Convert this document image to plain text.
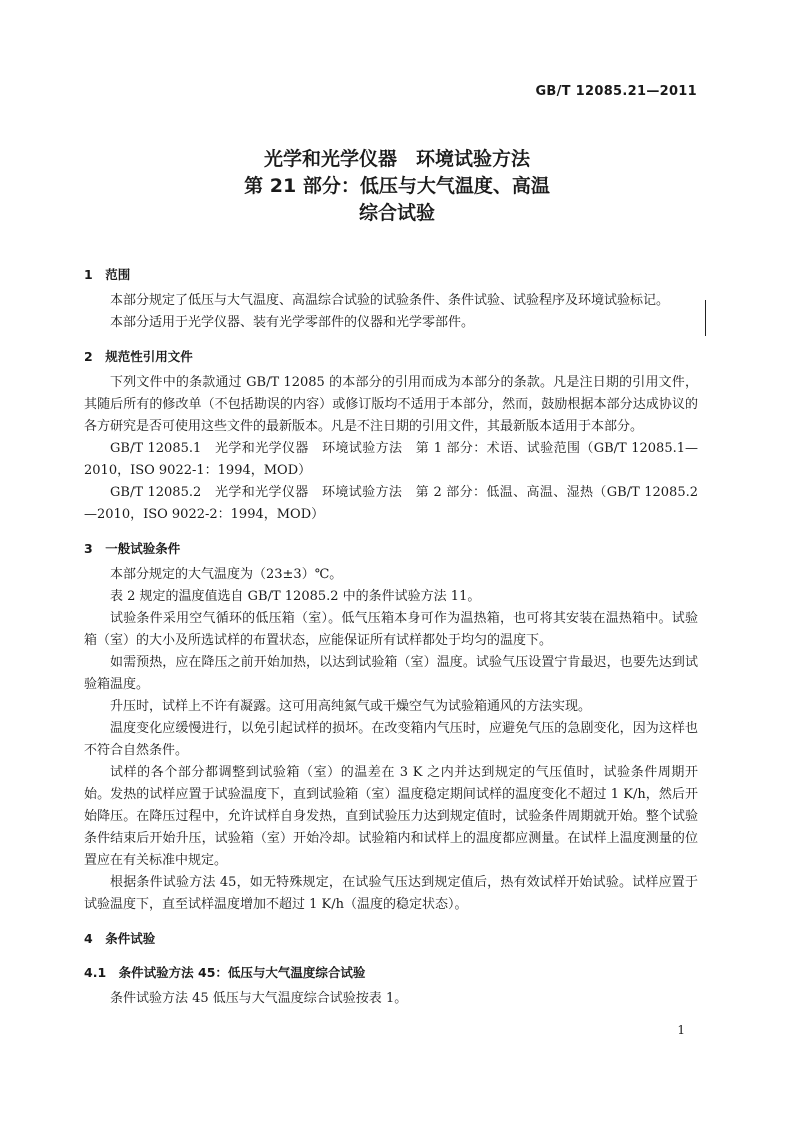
GB/T 12085.21—2011
光学和光学仪器　环境试验方法
第 21 部分：低压与大气温度、高温
综合试验
1　范围

本部分规定了低压与大气温度、高温综合试验的试验条件、条件试验、试验程序及环境试验标记。

本部分适用于光学仪器、装有光学零部件的仪器和光学零部件。

2　规范性引用文件

下列文件中的条款通过 GB/T 12085 的本部分的引用而成为本部分的条款。凡是注日期的引用文件，其随后所有的修改单（不包括勘误的内容）或修订版均不适用于本部分，然而，鼓励根据本部分达成协议的各方研究是否可使用这些文件的最新版本。凡是不注日期的引用文件，其最新版本适用于本部分。

GB/T 12085.1　光学和光学仪器　环境试验方法　第 1 部分：术语、试验范围（GB/T 12085.1—2010，ISO 9022-1：1994，MOD）

GB/T 12085.2　光学和光学仪器　环境试验方法　第 2 部分：低温、高温、湿热（GB/T 12085.2—2010，ISO 9022-2：1994，MOD）

3　一般试验条件

本部分规定的大气温度为（23±3）℃。

表 2 规定的温度值选自 GB/T 12085.2 中的条件试验方法 11。

试验条件采用空气循环的低压箱（室）。低气压箱本身可作为温热箱，也可将其安装在温热箱中。试验箱（室）的大小及所选试样的布置状态，应能保证所有试样都处于均匀的温度下。

如需预热，应在降压之前开始加热，以达到试验箱（室）温度。试验气压设置宁肯最迟，也要先达到试验箱温度。

升压时，试样上不许有凝露。这可用高纯氮气或干燥空气为试验箱通风的方法实现。

温度变化应缓慢进行，以免引起试样的损坏。在改变箱内气压时，应避免气压的急剧变化，因为这样也不符合自然条件。

试样的各个部分都调整到试验箱（室）的温差在 3 K 之内并达到规定的气压值时，试验条件周期开始。发热的试样应置于试验温度下，直到试验箱（室）温度稳定期间试样的温度变化不超过 1 K/h，然后开始降压。在降压过程中，允许试样自身发热，直到试验压力达到规定值时，试验条件周期就开始。整个试验条件结束后开始升压，试验箱（室）开始冷却。试验箱内和试样上的温度都应测量。在试样上温度测量的位置应在有关标准中规定。

根据条件试验方法 45，如无特殊规定，在试验气压达到规定值后，热有效试样开始试验。试样应置于试验温度下，直至试样温度增加不超过 1 K/h（温度的稳定状态）。

4　条件试验
4.1　条件试验方法 45：低压与大气温度综合试验

条件试验方法 45 低压与大气温度综合试验按表 1。

1
